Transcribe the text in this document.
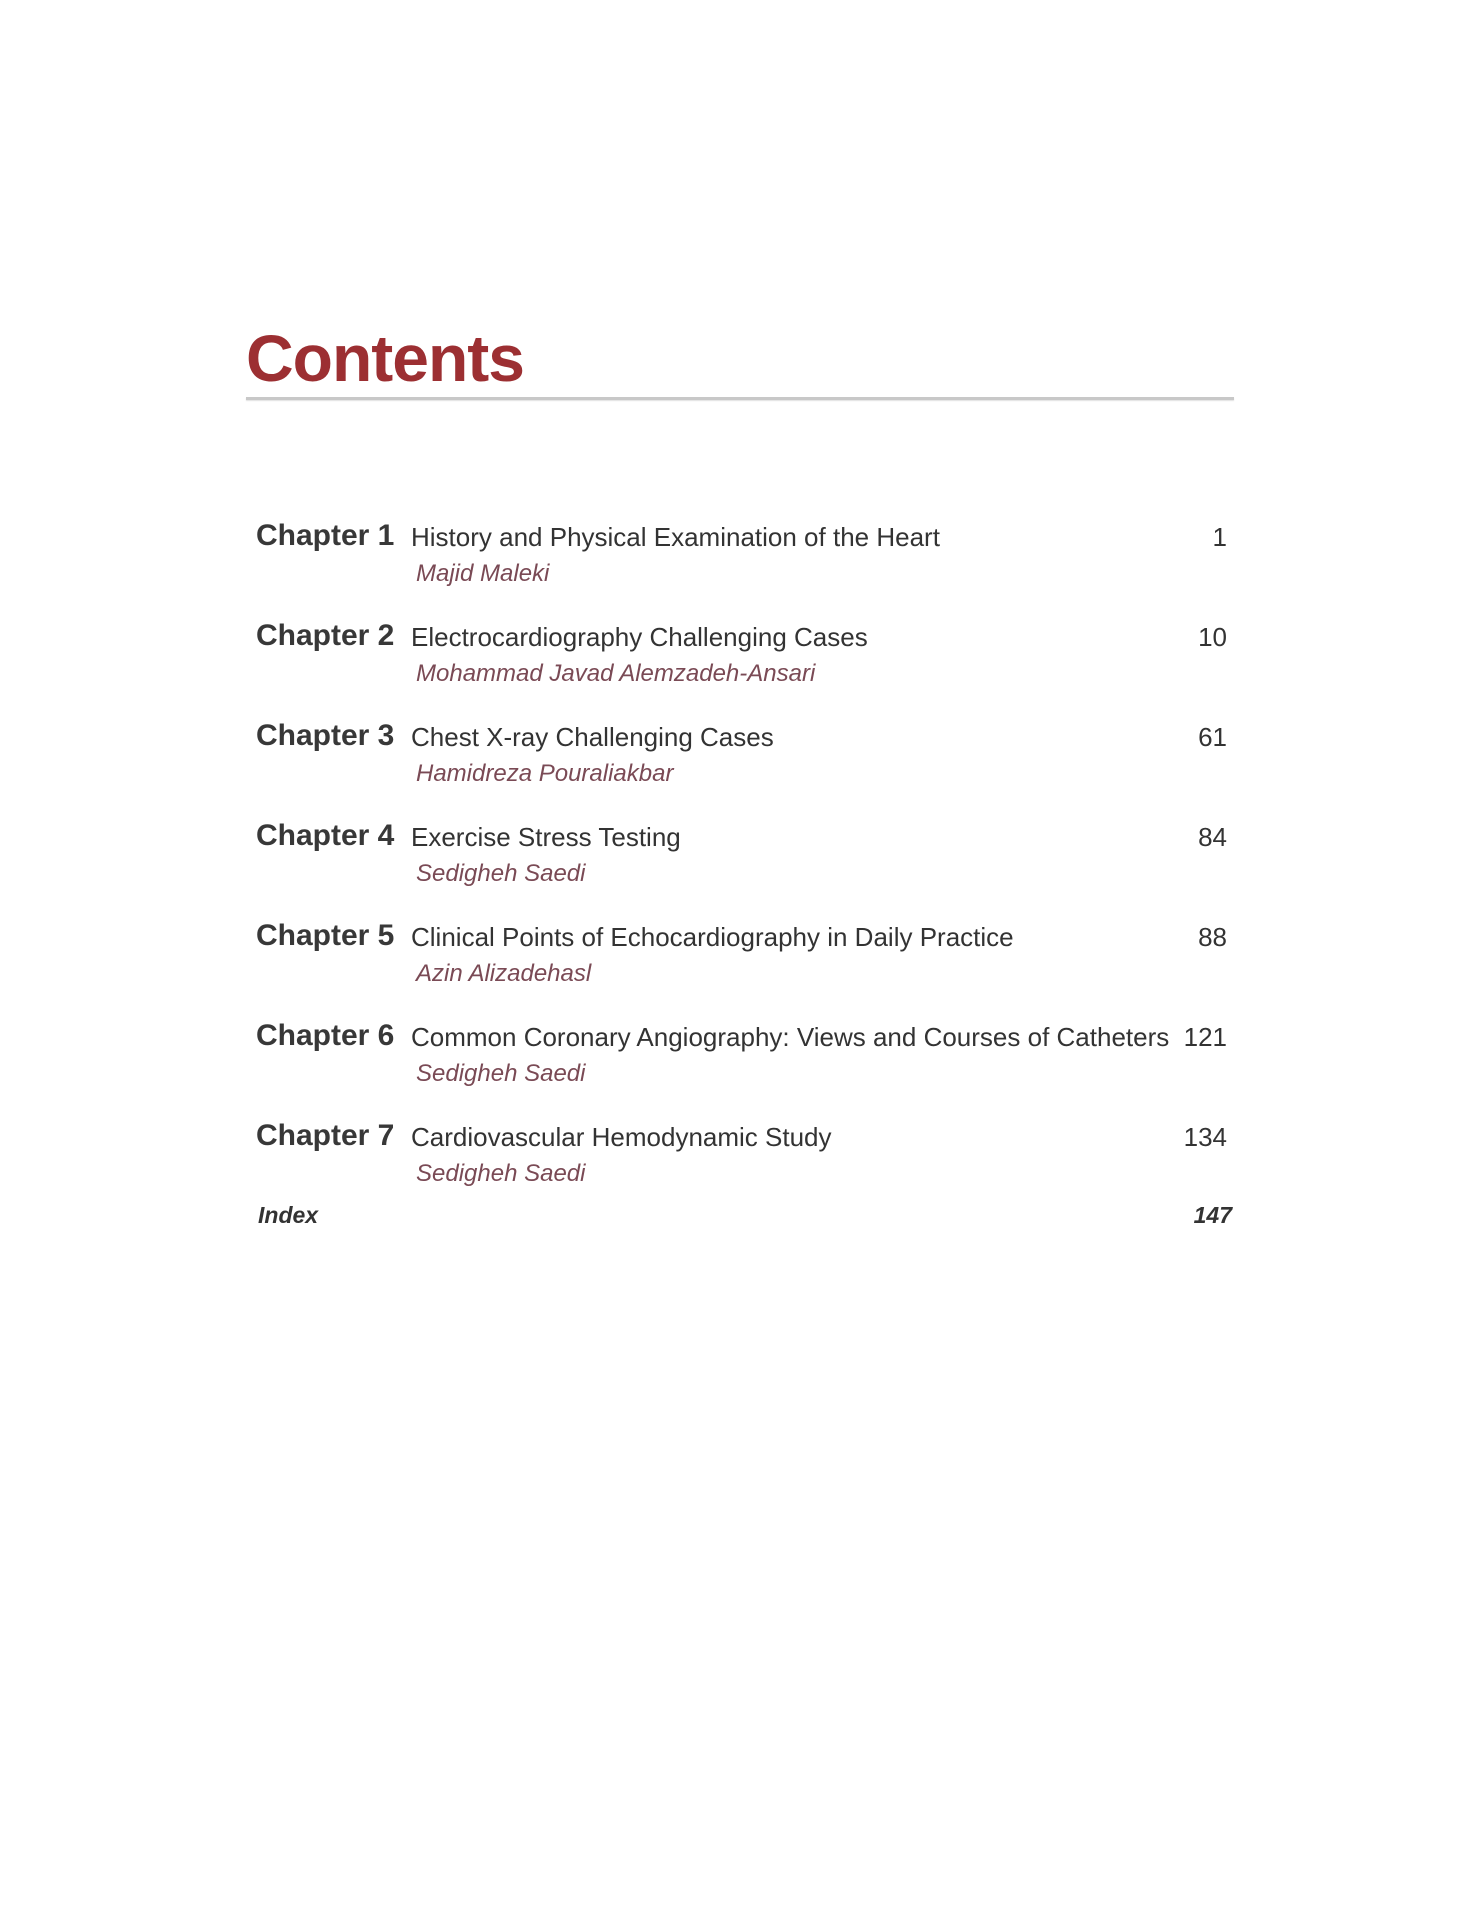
Contents
Chapter 1 History and Physical Examination of the Heart
Majid Maleki
1
Chapter 2 Electrocardiography Challenging Cases
Mohammad Javad Alemzadeh-Ansari
10
Chapter 3 Chest X-ray Challenging Cases
Hamidreza Pouraliakbar
61
Chapter 4 Exercise Stress Testing
Sedigheh Saedi
84
Chapter 5 Clinical Points of Echocardiography in Daily Practice
Azin Alizadehasl
88
Chapter 6 Common Coronary Angiography: Views and Courses of Catheters
Sedigheh Saedi
121
Chapter 7 Cardiovascular Hemodynamic Study
Sedigheh Saedi
134
Index	147
